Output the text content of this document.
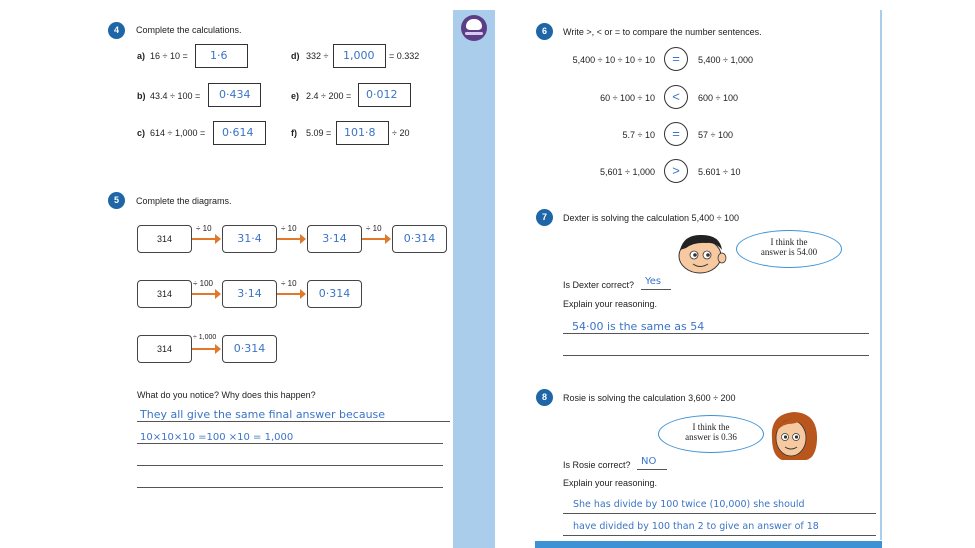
4	Complete the calculations.
a) 16 ÷ 10 = 1·6
b) 43.4 ÷ 100 = 0·434
c) 614 ÷ 1,000 = 0·614
d) 332 ÷ 1,000 = 0.332
e) 2.4 ÷ 200 = 0·012
f) 5.09 = 101·8 ÷ 20
5	Complete the diagrams.
314
÷ 10
31·4
÷ 10
3·14
÷ 10
0·314
314
÷ 100
3·14
÷ 10
0·314
314
÷ 1,000
0·314
What do you notice? Why does this happen?
They all give the same final answer because
10×10×10 =100 ×10 = 1,000
6	Write >, < or = to compare the number sentences.
5,400 ÷ 10 ÷ 10 ÷ 10	=	5,400 ÷ 1,000
60 ÷ 100 ÷ 10	<	600 ÷ 100
5.7 ÷ 10	=	57 ÷ 100
5,601 ÷ 1,000	>	5.601 ÷ 10
7	Dexter is solving the calculation 5,400 ÷ 100
I think the
answer is 54.00
Is Dexter correct? Yes
Explain your reasoning.
54·00 is the same as 54
8	Rosie is solving the calculation 3,600 ÷ 200
I think the
answer is 0.36
Is Rosie correct? NO
Explain your reasoning.
She has divide by 100 twice (10,000) she should
have divided by 100 than 2 to give an answer of 18
